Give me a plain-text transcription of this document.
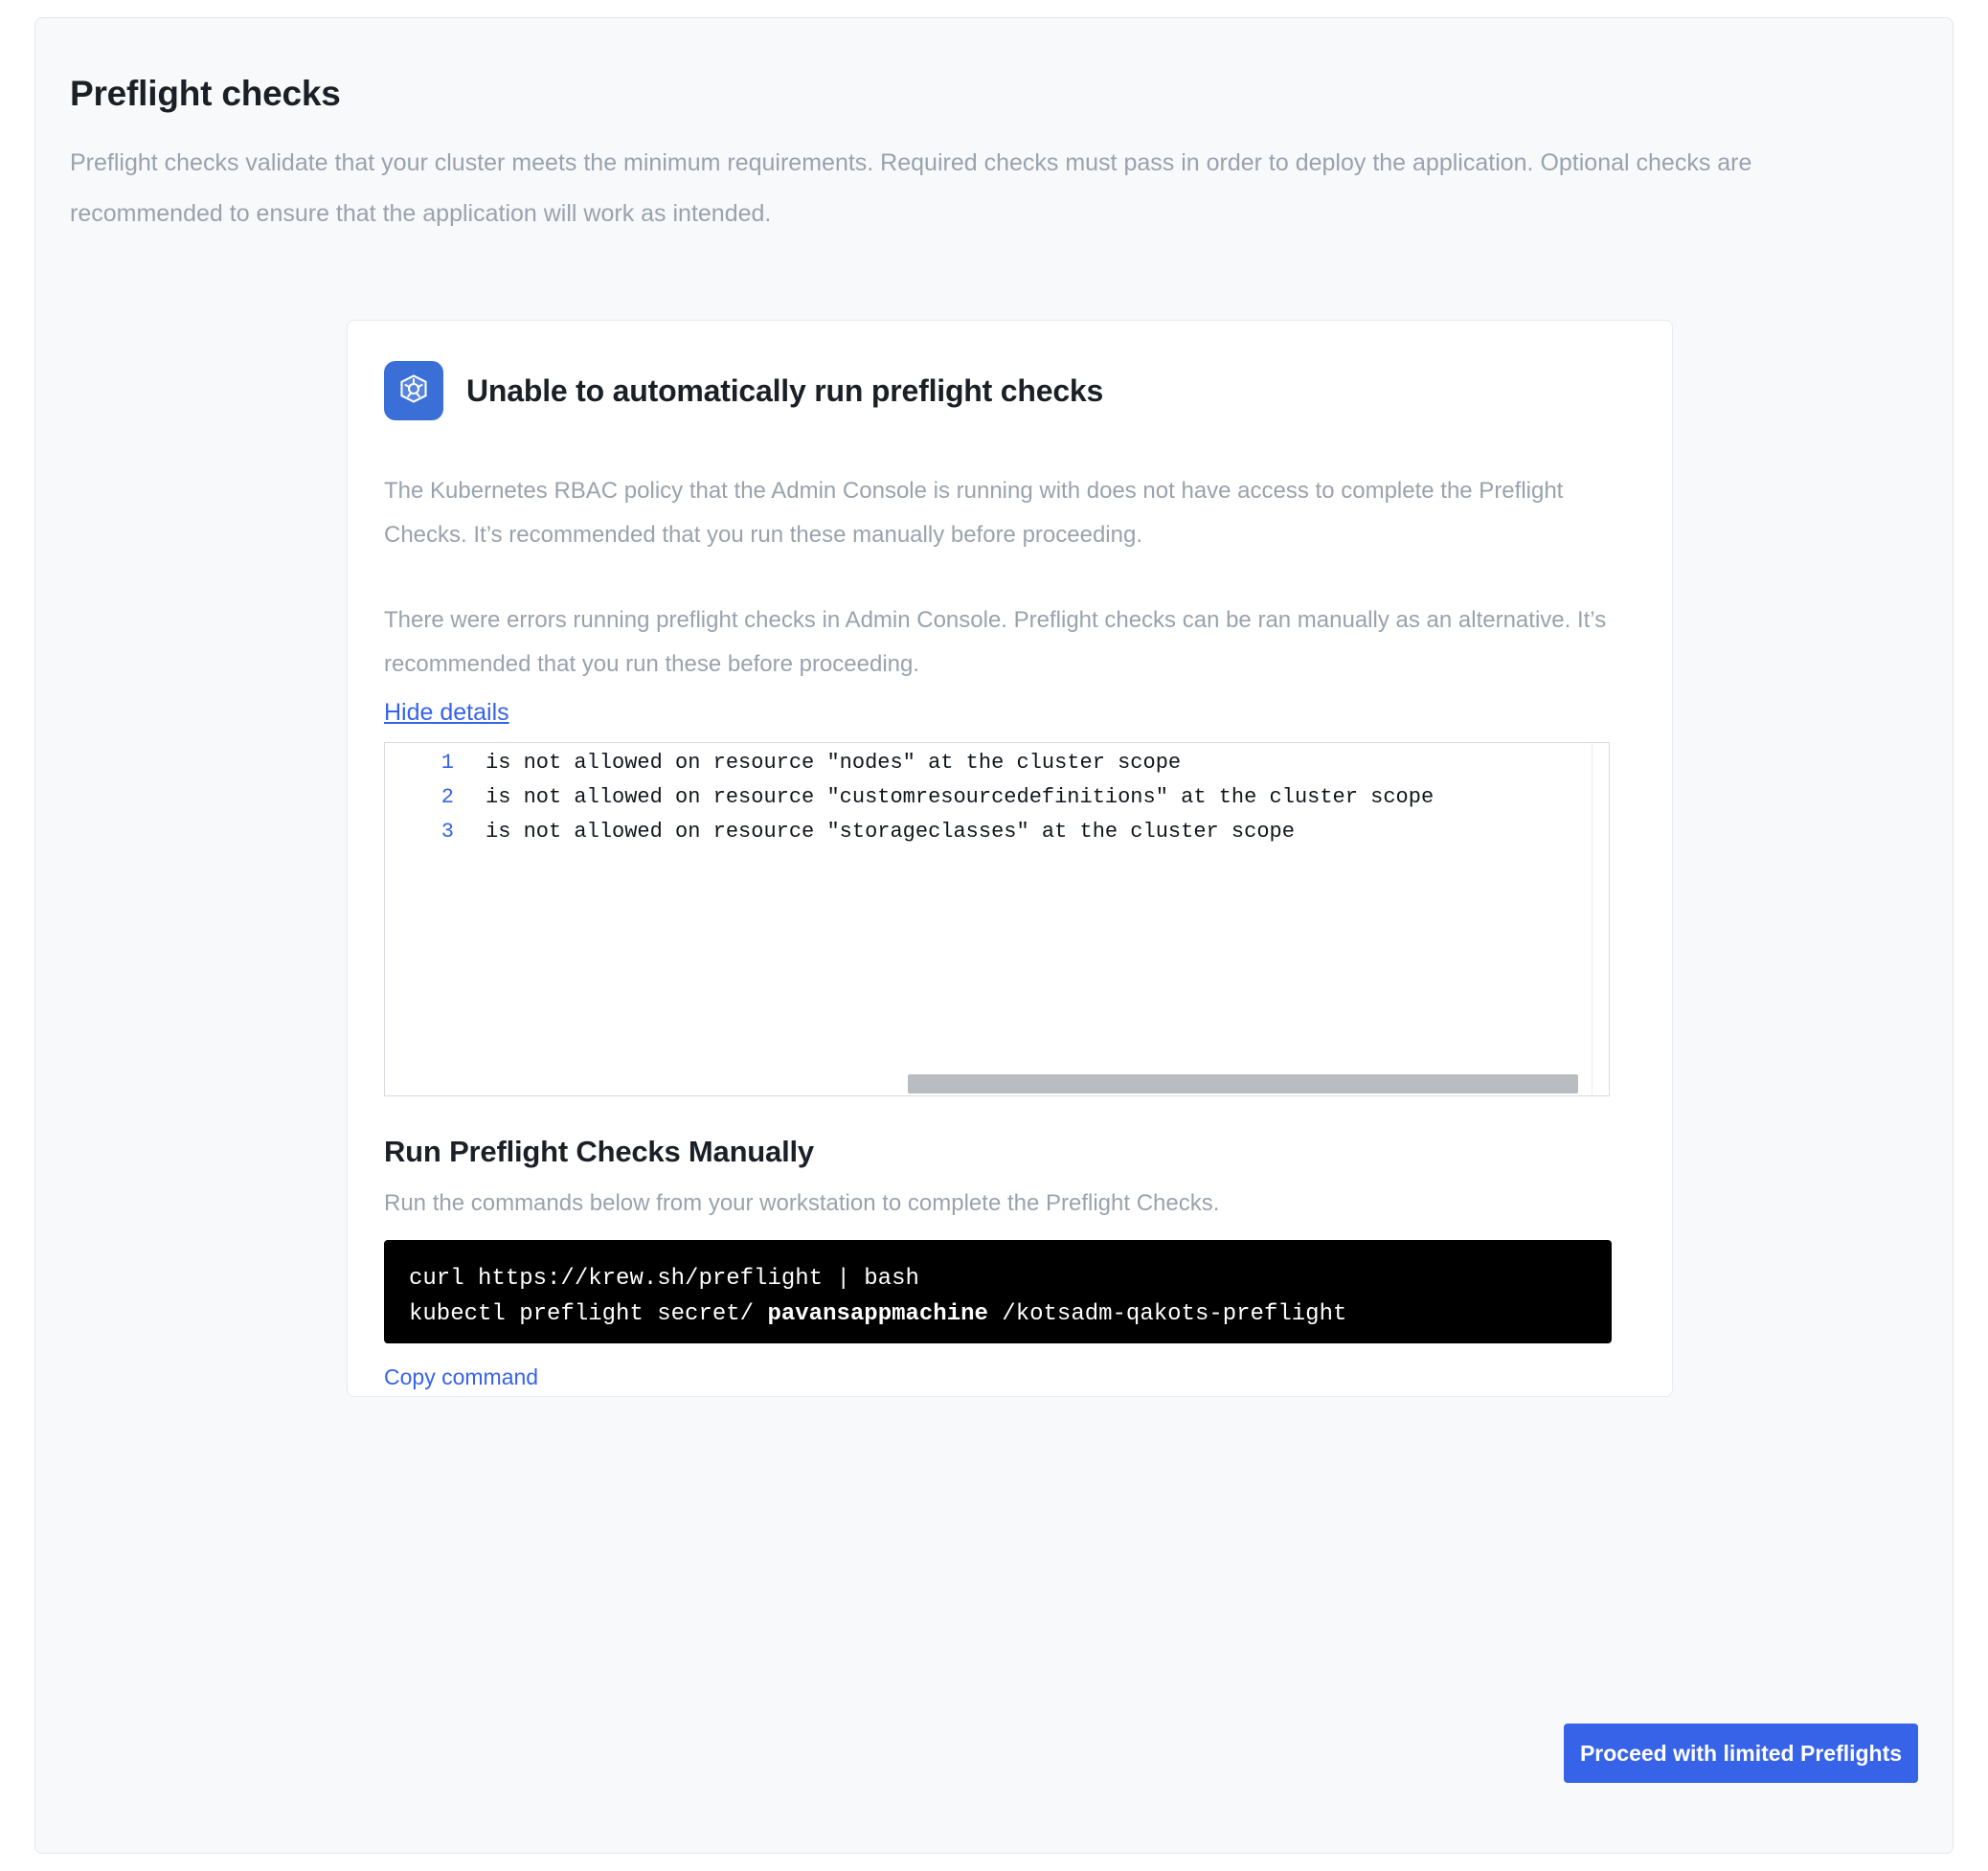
Preflight checks
Preflight checks validate that your cluster meets the minimum requirements. Required checks must pass in order to deploy the application. Optional checks are recommended to ensure that the application will work as intended.
Unable to automatically run preflight checks
The Kubernetes RBAC policy that the Admin Console is running with does not have access to complete the Preflight Checks. It’s recommended that you run these manually before proceeding.
There were errors running preflight checks in Admin Console. Preflight checks can be ran manually as an alternative. It’s recommended that you run these before proceeding.
Hide details
1	is not allowed on resource "nodes" at the cluster scope
2	is not allowed on resource "customresourcedefinitions" at the cluster scope
3	is not allowed on resource "storageclasses" at the cluster scope
Run Preflight Checks Manually
Run the commands below from your workstation to complete the Preflight Checks.
curl https://krew.sh/preflight | bash
kubectl preflight secret/ pavansappmachine /kotsadm-qakots-preflight
Copy command
Proceed with limited Preflights
